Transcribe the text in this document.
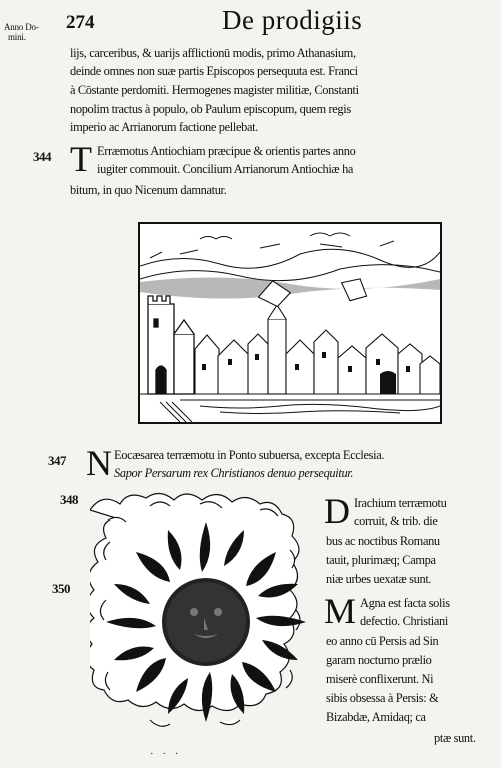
Anno Do-
mini.
274	De prodigiis
lijs, carceribus, & uarijs afflictionū modis, primo Athanasium,
deinde omnes non suæ partis Episcopos persequuta est. Franci
à Cōstante perdomiti. Hermogenes magister militiæ, Constanti
nopolim tractus à populo, ob Paulum episcopum, quem regis
imperio ac Arrianorum factione pellebat.
344 T Erræmotus Antiochiam præcipue & orientis partes anno
iugiter commouit. Concilium Arrianorum Antiochiæ ha
bitum, in quo Nicenum damnatur.
347 N Eocæsarea terræmotu in Ponto subuersa, excepta Ecclesia.
Sapor Persarum rex Christianos denuo persequitur.
348
350
D Irachium terræmotu
corruit, & trib. die
bus ac noctibus Romanu
tauit, plurimæq; Campa
niæ urbes uexatæ sunt.
M Agna est facta solis
defectio. Christiani
eo anno cū Persis ad Sin
garam nocturno prælio
miserè conflixerunt. Ni
sibis obsessa à Persis: &
Bizabdæ, Amidaq; ca
ptæ sunt.
· · ·
